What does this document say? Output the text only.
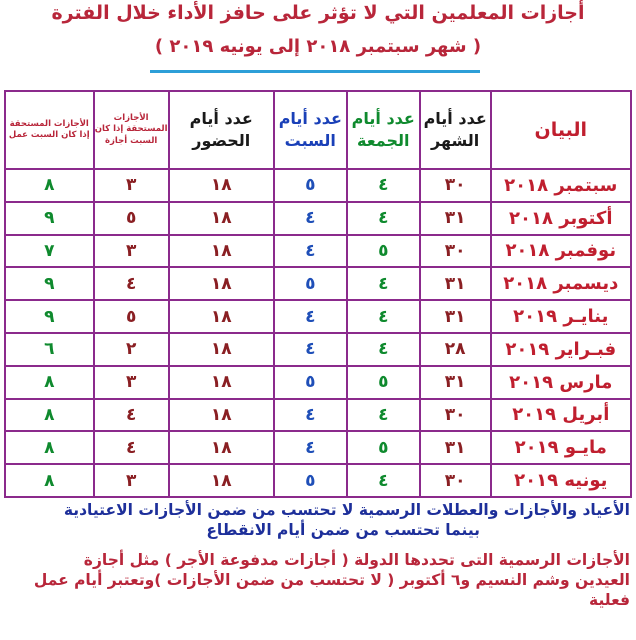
أجازات المعلمين التي لا تؤثر على حافز الأداء خلال الفترة
( شهر سبتمبر ٢٠١٨ إلى يونيه ٢٠١٩ )
البيان	عدد أيام الشهر	عدد أيام الجمعة	عدد أيام السبت	عدد أيام الحضور	الأجازات المستحقة إذا كان السبت أجازة	الأجازات المستحقة إذا كان السبت عمل
سبتمبر ٢٠١٨	٣٠	٤	٥	١٨	٣	٨
أكتوبر ٢٠١٨	٣١	٤	٤	١٨	٥	٩
نوفمبر ٢٠١٨	٣٠	٥	٤	١٨	٣	٧
ديسمبر ٢٠١٨	٣١	٤	٥	١٨	٤	٩
ينايـر ٢٠١٩	٣١	٤	٤	١٨	٥	٩
فبـراير ٢٠١٩	٢٨	٤	٤	١٨	٢	٦
مارس ٢٠١٩	٣١	٥	٥	١٨	٣	٨
أبريل ٢٠١٩	٣٠	٤	٤	١٨	٤	٨
مايـو ٢٠١٩	٣١	٥	٤	١٨	٤	٨
يونيه ٢٠١٩	٣٠	٤	٥	١٨	٣	٨
الأعياد والأجازات والعطلات الرسمية لا تحتسب من ضمن الأجازات الاعتيادية
بينما تحتسب من ضمن أيام الانقطاع
الأجازات الرسمية التى تحددها الدولة ( أجازات مدفوعة الأجر ) مثل أجازة
العيدين وشم النسيم و٦ أكتوبر ( لا تحتسب من ضمن الأجازات )وتعتبر أيام عمل
فعلية
